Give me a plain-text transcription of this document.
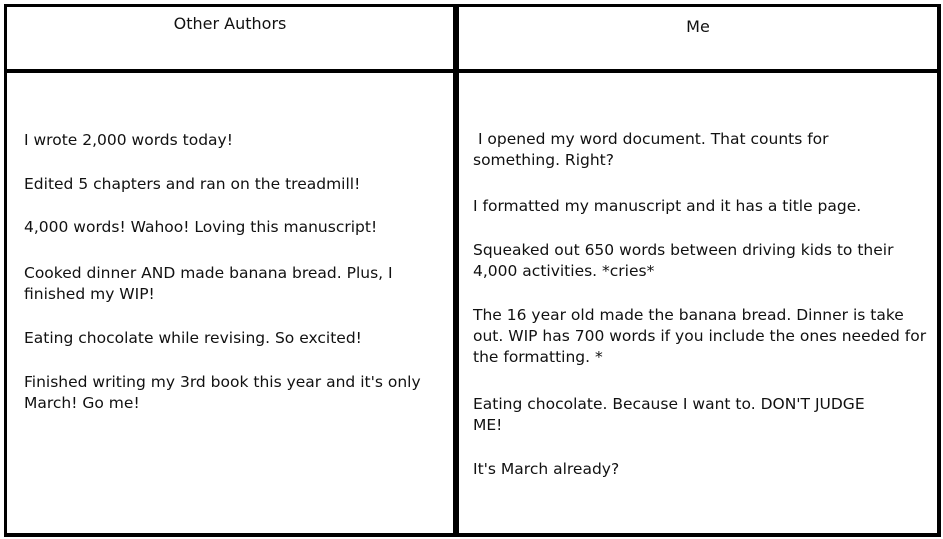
Other Authors	Me

I wrote 2,000 words today!

Edited 5 chapters and ran on the treadmill!

4,000 words! Wahoo! Loving this manuscript!

Cooked dinner AND made banana bread. Plus, I finished my WIP!

Eating chocolate while revising. So excited!

Finished writing my 3rd book this year and it's only March! Go me!

I opened my word document. That counts for something. Right?

I formatted my manuscript and it has a title page.

Squeaked out 650 words between driving kids to their 4,000 activities. *cries*

The 16 year old made the banana bread. Dinner is take out. WIP has 700 words if you include the ones needed for the formatting. *

Eating chocolate. Because I want to. DON'T JUDGE ME!

It's March already?
